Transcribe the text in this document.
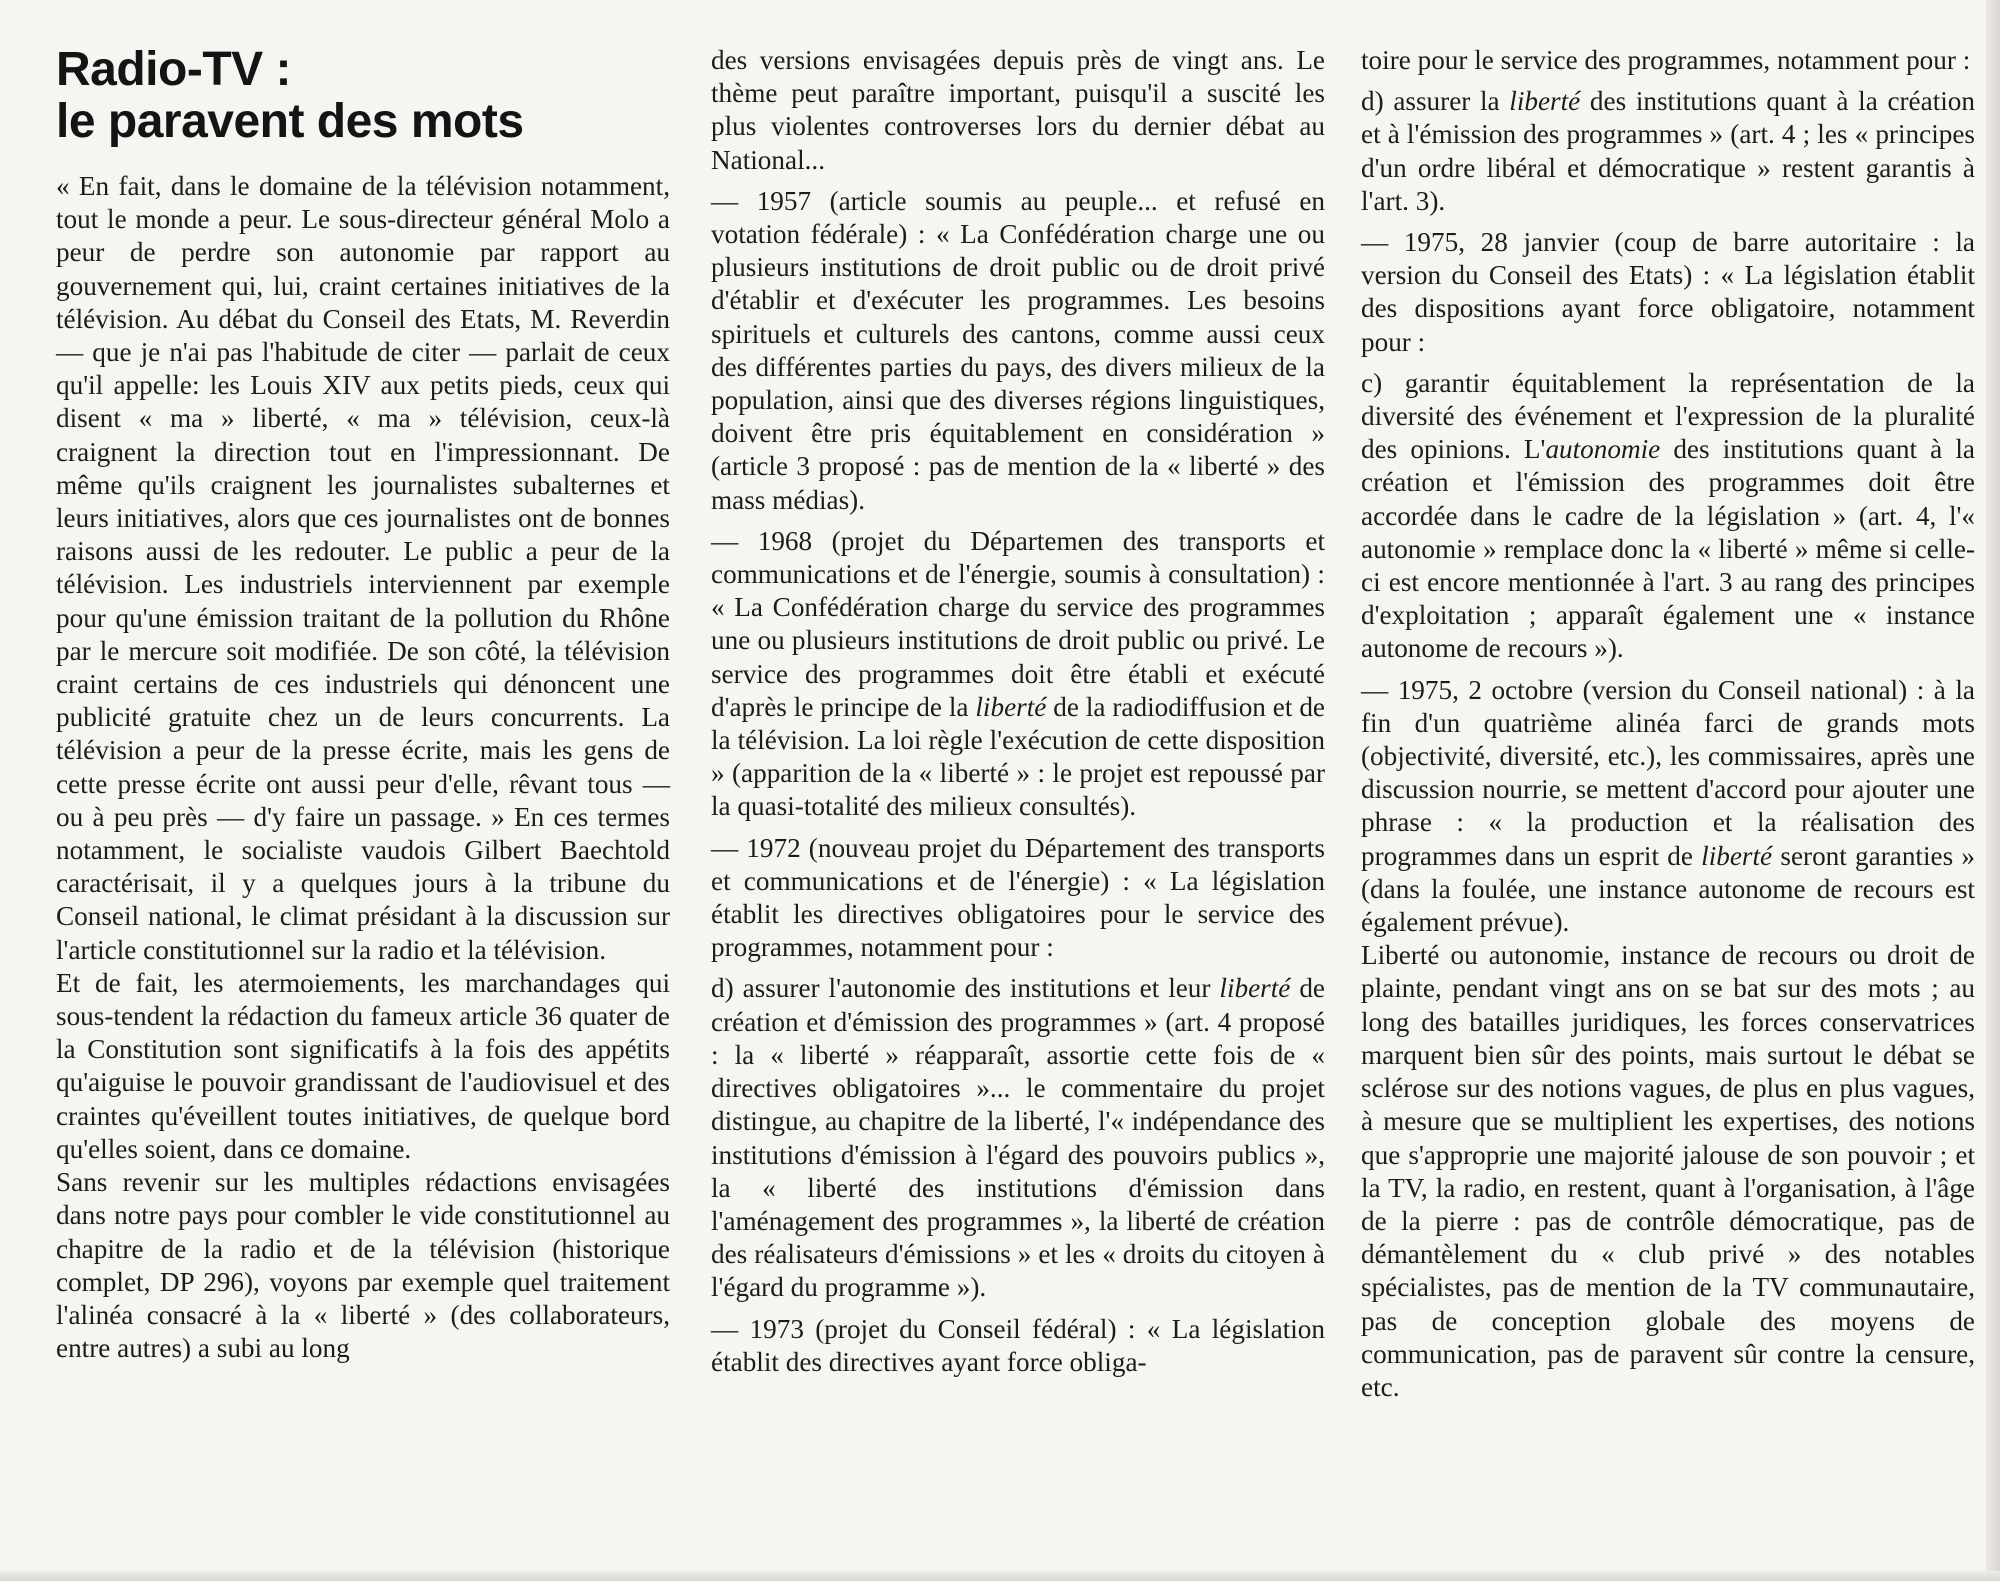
Radio-TV :
le paravent des mots

« En fait, dans le domaine de la télévision notamment, tout le monde a peur. Le sous-directeur général Molo a peur de perdre son autonomie par rapport au gouvernement qui, lui, craint certaines initiatives de la télévision. Au débat du Conseil des Etats, M. Reverdin — que je n'ai pas l'habitude de citer — parlait de ceux qu'il appelle: les Louis XIV aux petits pieds, ceux qui disent « ma » liberté, « ma » télévision, ceux-là craignent la direction tout en l'impressionnant. De même qu'ils craignent les journalistes subalternes et leurs initiatives, alors que ces journalistes ont de bonnes raisons aussi de les redouter. Le public a peur de la télévision. Les industriels interviennent par exemple pour qu'une émission traitant de la pollution du Rhône par le mercure soit modifiée. De son côté, la télévision craint certains de ces industriels qui dénoncent une publicité gratuite chez un de leurs concurrents. La télévision a peur de la presse écrite, mais les gens de cette presse écrite ont aussi peur d'elle, rêvant tous — ou à peu près — d'y faire un passage. » En ces termes notamment, le socialiste vaudois Gilbert Baechtold caractérisait, il y a quelques jours à la tribune du Conseil national, le climat présidant à la discussion sur l'article constitutionnel sur la radio et la télévision.

Et de fait, les atermoiements, les marchandages qui sous-tendent la rédaction du fameux article 36 quater de la Constitution sont significatifs à la fois des appétits qu'aiguise le pouvoir grandissant de l'audiovisuel et des craintes qu'éveillent toutes initiatives, de quelque bord qu'elles soient, dans ce domaine.

Sans revenir sur les multiples rédactions envisagées dans notre pays pour combler le vide constitutionnel au chapitre de la radio et de la télévision (historique complet, DP 296), voyons par exemple quel traitement l'alinéa consacré à la « liberté » (des collaborateurs, entre autres) a subi au long

des versions envisagées depuis près de vingt ans. Le thème peut paraître important, puisqu'il a suscité les plus violentes controverses lors du dernier débat au National...

— 1957 (article soumis au peuple... et refusé en votation fédérale) : « La Confédération charge une ou plusieurs institutions de droit public ou de droit privé d'établir et d'exécuter les programmes. Les besoins spirituels et culturels des cantons, comme aussi ceux des différentes parties du pays, des divers milieux de la population, ainsi que des diverses régions linguistiques, doivent être pris équitablement en considération » (article 3 proposé : pas de mention de la « liberté » des mass médias).

— 1968 (projet du Départemen des transports et communications et de l'énergie, soumis à consultation) : « La Confédération charge du service des programmes une ou plusieurs institutions de droit public ou privé. Le service des programmes doit être établi et exécuté d'après le principe de la liberté de la radiodiffusion et de la télévision. La loi règle l'exécution de cette disposition » (apparition de la « liberté » : le projet est repoussé par la quasi-totalité des milieux consultés).

— 1972 (nouveau projet du Département des transports et communications et de l'énergie) : « La législation établit les directives obligatoires pour le service des programmes, notamment pour :

d) assurer l'autonomie des institutions et leur liberté de création et d'émission des programmes » (art. 4 proposé : la « liberté » réapparaît, assortie cette fois de « directives obligatoires »... le commentaire du projet distingue, au chapitre de la liberté, l'« indépendance des institutions d'émission à l'égard des pouvoirs publics », la « liberté des institutions d'émission dans l'aménagement des programmes », la liberté de création des réalisateurs d'émissions » et les « droits du citoyen à l'égard du programme »).

— 1973 (projet du Conseil fédéral) : « La législation établit des directives ayant force obliga-

toire pour le service des programmes, notamment pour :

d) assurer la liberté des institutions quant à la création et à l'émission des programmes » (art. 4 ; les « principes d'un ordre libéral et démocratique » restent garantis à l'art. 3).

— 1975, 28 janvier (coup de barre autoritaire : la version du Conseil des Etats) : « La législation établit des dispositions ayant force obligatoire, notamment pour :

c) garantir équitablement la représentation de la diversité des événement et l'expression de la pluralité des opinions. L'autonomie des institutions quant à la création et l'émission des programmes doit être accordée dans le cadre de la législation » (art. 4, l'« autonomie » remplace donc la « liberté » même si celle-ci est encore mentionnée à l'art. 3 au rang des principes d'exploitation ; apparaît également une « instance autonome de recours »).

— 1975, 2 octobre (version du Conseil national) : à la fin d'un quatrième alinéa farci de grands mots (objectivité, diversité, etc.), les commissaires, après une discussion nourrie, se mettent d'accord pour ajouter une phrase : « la production et la réalisation des programmes dans un esprit de liberté seront garanties » (dans la foulée, une instance autonome de recours est également prévue).

Liberté ou autonomie, instance de recours ou droit de plainte, pendant vingt ans on se bat sur des mots ; au long des batailles juridiques, les forces conservatrices marquent bien sûr des points, mais surtout le débat se sclérose sur des notions vagues, de plus en plus vagues, à mesure que se multiplient les expertises, des notions que s'approprie une majorité jalouse de son pouvoir ; et la TV, la radio, en restent, quant à l'organisation, à l'âge de la pierre : pas de contrôle démocratique, pas de démantèlement du « club privé » des notables spécialistes, pas de mention de la TV communautaire, pas de conception globale des moyens de communication, pas de paravent sûr contre la censure, etc.
